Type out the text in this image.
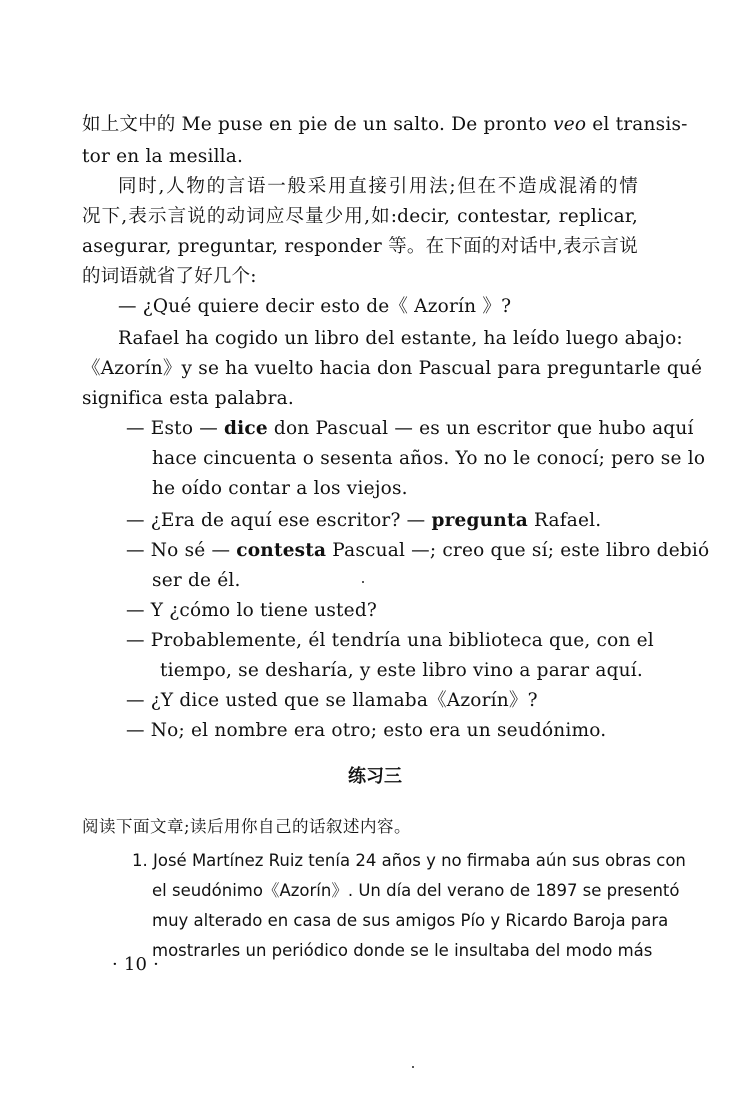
如上文中的 Me puse en pie de un salto. De pronto veo el transis-
tor en la mesilla.
同时,人物的言语一般采用直接引用法;但在不造成混淆的情
况下,表示言说的动词应尽量少用,如:decir, contestar, replicar,
asegurar, preguntar, responder 等。在下面的对话中,表示言说
的词语就省了好几个:
— ¿Qué quiere decir esto de《 Azorín 》?
Rafael ha cogido un libro del estante, ha leído luego abajo:
《Azorín》y se ha vuelto hacia don Pascual para preguntarle qué
significa esta palabra.
— Esto — dice don Pascual — es un escritor que hubo aquí
hace cincuenta o sesenta años. Yo no le conocí; pero se lo
he oído contar a los viejos.
— ¿Era de aquí ese escritor? — pregunta Rafael.
— No sé — contesta Pascual —; creo que sí; este libro debió
ser de él.
— Y ¿cómo lo tiene usted?
— Probablemente, él tendría una biblioteca que, con el
tiempo, se desharía, y este libro vino a parar aquí.
— ¿Y dice usted que se llamaba《Azorín》?
— No; el nombre era otro; esto era un seudónimo.
练习三
阅读下面文章;读后用你自己的话叙述内容。
1. José Martínez Ruiz tenía 24 años y no firmaba aún sus obras con
el seudónimo《Azorín》. Un día del verano de 1897 se presentó
muy alterado en casa de sus amigos Pío y Ricardo Baroja para
mostrarles un periódico donde se le insultaba del modo más
· 10 ·
